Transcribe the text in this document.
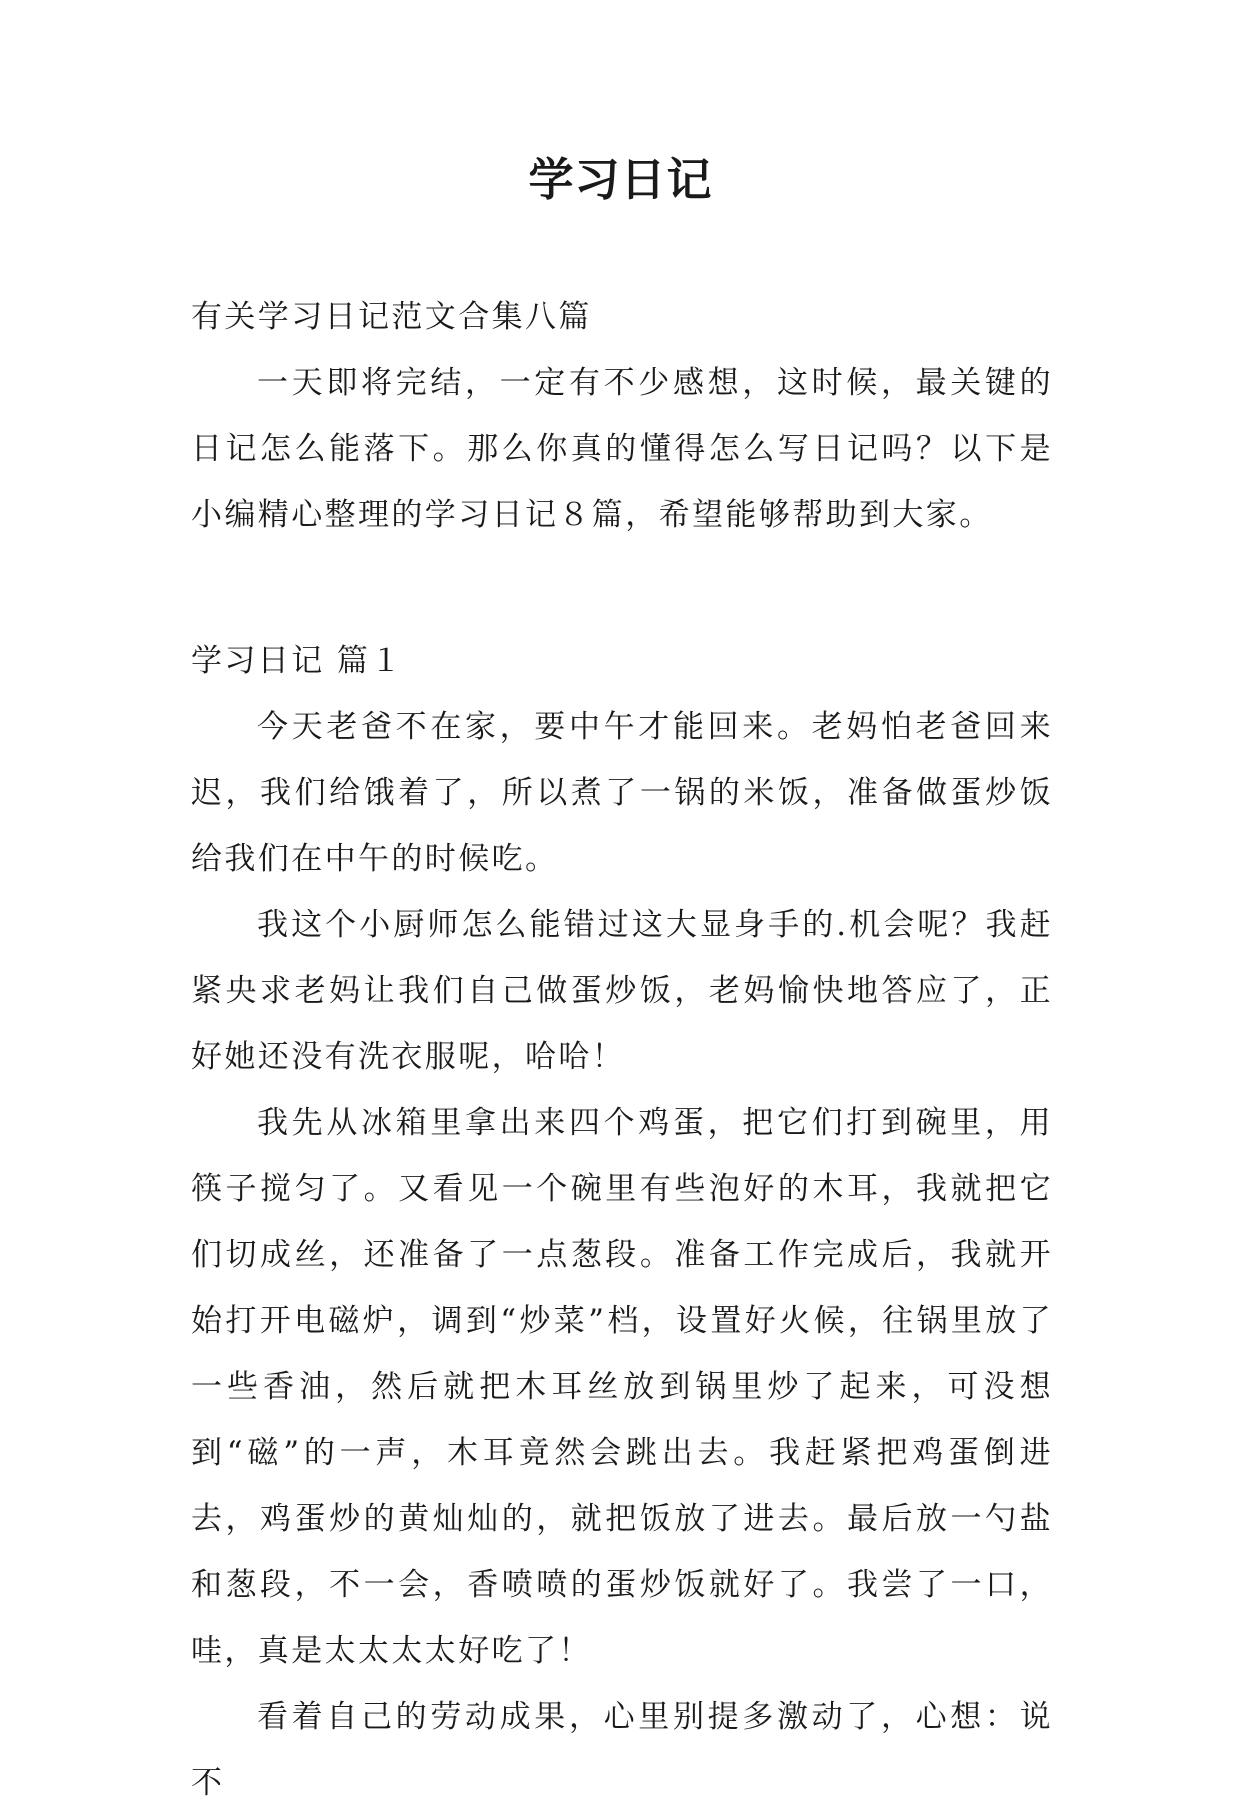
学习日记

有关学习日记范文合集八篇

一天即将完结，一定有不少感想，这时候，最关键的日记怎么能落下。那么你真的懂得怎么写日记吗？以下是小编精心整理的学习日记８篇，希望能够帮助到大家。

学习日记 篇１

今天老爸不在家，要中午才能回来。老妈怕老爸回来迟，我们给饿着了，所以煮了一锅的米饭，准备做蛋炒饭给我们在中午的时候吃。

我这个小厨师怎么能错过这大显身手的.机会呢？我赶紧央求老妈让我们自己做蛋炒饭，老妈愉快地答应了，正好她还没有洗衣服呢，哈哈！

我先从冰箱里拿出来四个鸡蛋，把它们打到碗里，用筷子搅匀了。又看见一个碗里有些泡好的木耳，我就把它们切成丝，还准备了一点葱段。准备工作完成后，我就开始打开电磁炉，调到“炒菜”档，设置好火候，往锅里放了一些香油，然后就把木耳丝放到锅里炒了起来，可没想到“磁”的一声，木耳竟然会跳出去。我赶紧把鸡蛋倒进去，鸡蛋炒的黄灿灿的，就把饭放了进去。最后放一勺盐和葱段，不一会，香喷喷的蛋炒饭就好了。我尝了一口，哇，真是太太太太好吃了！

看着自己的劳动成果，心里别提多激动了，心想：说不
